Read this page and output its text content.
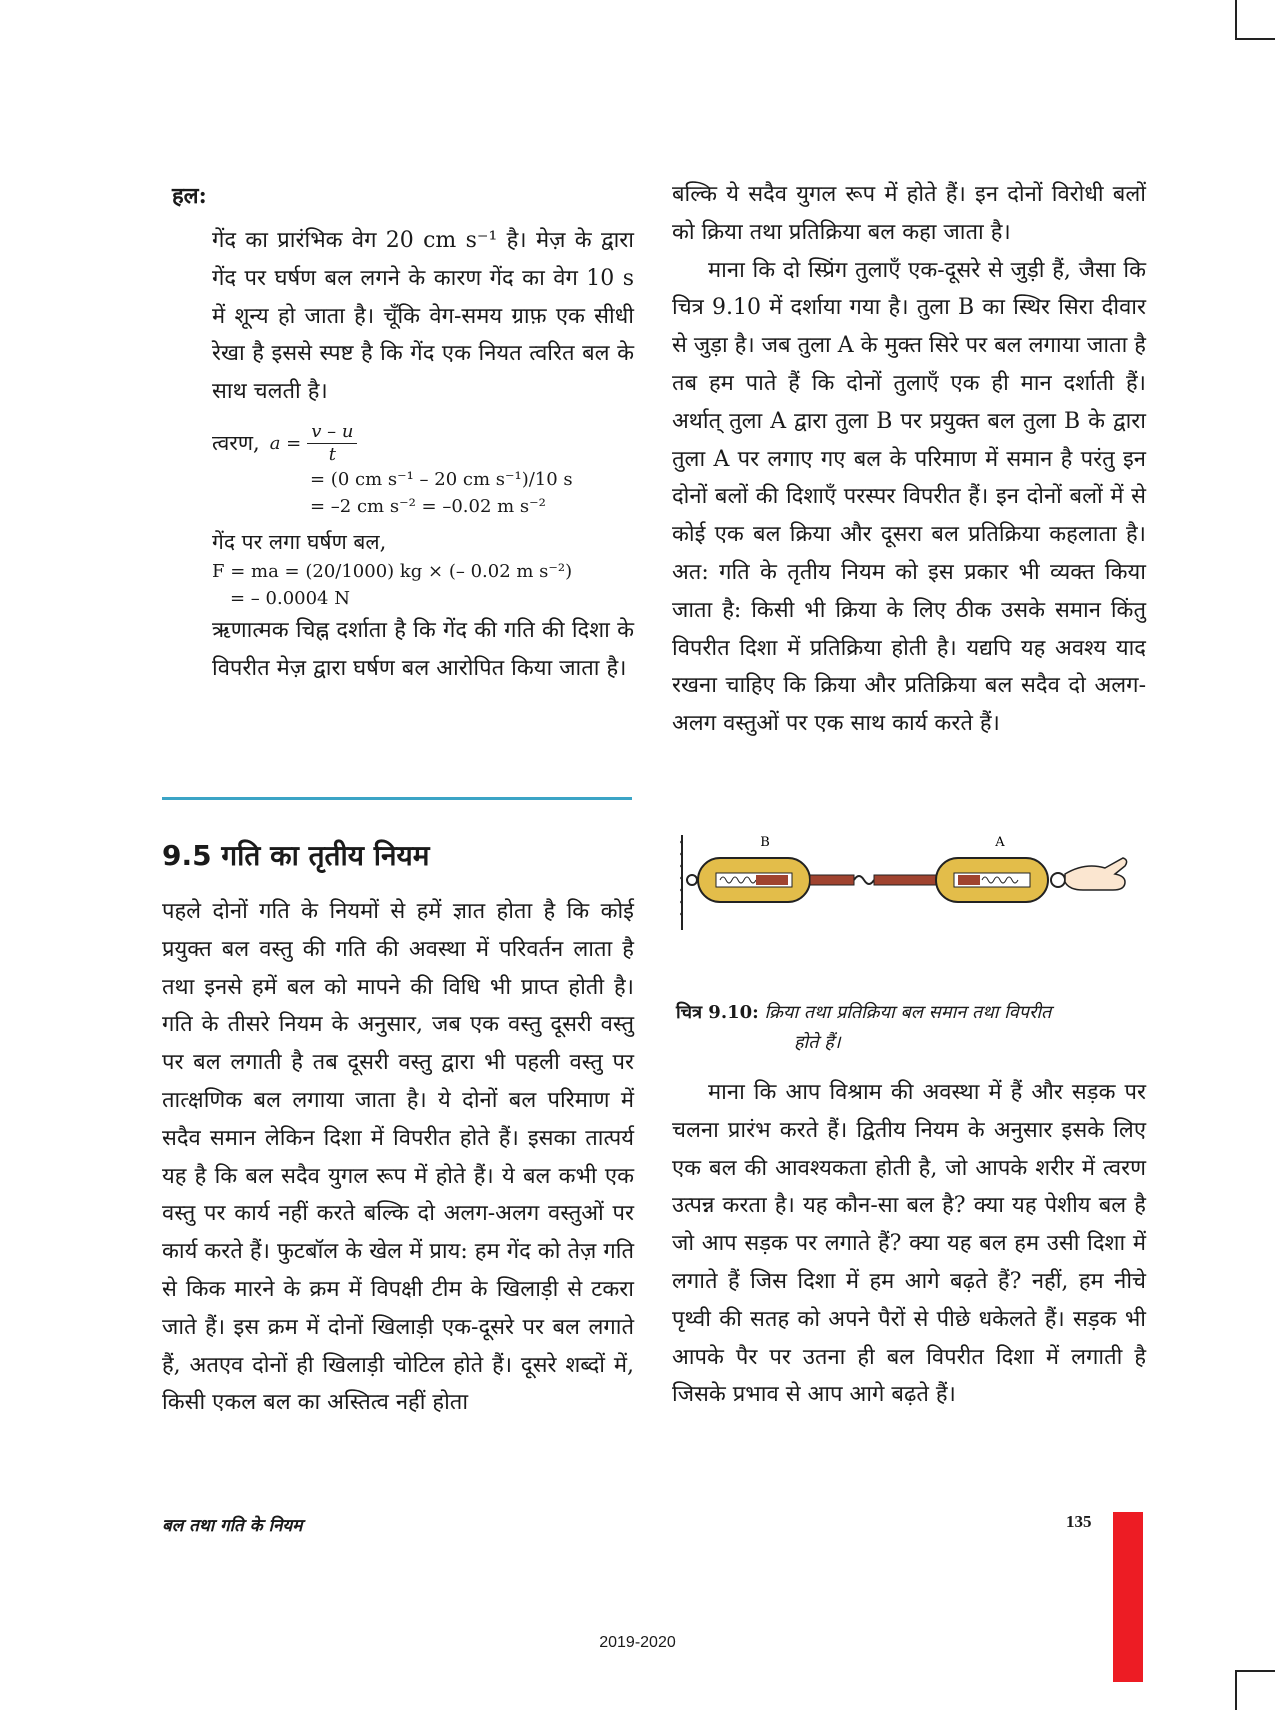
हल:

गेंद का प्रारंभिक वेग 20 cm s⁻¹ है। मेज़ के द्वारा गेंद पर घर्षण बल लगने के कारण गेंद का वेग 10 s में शून्य हो जाता है। चूँकि वेग-समय ग्राफ़ एक सीधी रेखा है इससे स्पष्ट है कि गेंद एक नियत त्वरित बल के साथ चलती है।

त्वरण, $a = \frac{v - u}{t}$
= (0 cm s⁻¹ – 20 cm s⁻¹)/10 s
= –2 cm s⁻² = –0.02 m s⁻²
गेंद पर लगा घर्षण बल,
F = ma = (20/1000) kg × (– 0.02 m s⁻²)
= – 0.0004 N

ऋणात्मक चिह्न दर्शाता है कि गेंद की गति की दिशा के विपरीत मेज़ द्वारा घर्षण बल आरोपित किया जाता है।

9.5 गति का तृतीय नियम

पहले दोनों गति के नियमों से हमें ज्ञात होता है कि कोई प्रयुक्त बल वस्तु की गति की अवस्था में परिवर्तन लाता है तथा इनसे हमें बल को मापने की विधि भी प्राप्त होती है। गति के तीसरे नियम के अनुसार, जब एक वस्तु दूसरी वस्तु पर बल लगाती है तब दूसरी वस्तु द्वारा भी पहली वस्तु पर तात्क्षणिक बल लगाया जाता है। ये दोनों बल परिमाण में सदैव समान लेकिन दिशा में विपरीत होते हैं। इसका तात्पर्य यह है कि बल सदैव युगल रूप में होते हैं। ये बल कभी एक वस्तु पर कार्य नहीं करते बल्कि दो अलग-अलग वस्तुओं पर कार्य करते हैं। फुटबॉल के खेल में प्राय: हम गेंद को तेज़ गति से किक मारने के क्रम में विपक्षी टीम के खिलाड़ी से टकरा जाते हैं। इस क्रम में दोनों खिलाड़ी एक-दूसरे पर बल लगाते हैं, अतएव दोनों ही खिलाड़ी चोटिल होते हैं। दूसरे शब्दों में, किसी एकल बल का अस्तित्व नहीं होता

बल्कि ये सदैव युगल रूप में होते हैं। इन दोनों विरोधी बलों को क्रिया तथा प्रतिक्रिया बल कहा जाता है।

माना कि दो स्प्रिंग तुलाएँ एक-दूसरे से जुड़ी हैं, जैसा कि चित्र 9.10 में दर्शाया गया है। तुला B का स्थिर सिरा दीवार से जुड़ा है। जब तुला A के मुक्त सिरे पर बल लगाया जाता है तब हम पाते हैं कि दोनों तुलाएँ एक ही मान दर्शाती हैं। अर्थात् तुला A द्वारा तुला B पर प्रयुक्त बल तुला B के द्वारा तुला A पर लगाए गए बल के परिमाण में समान है परंतु इन दोनों बलों की दिशाएँ परस्पर विपरीत हैं। इन दोनों बलों में से कोई एक बल क्रिया और दूसरा बल प्रतिक्रिया कहलाता है। अत: गति के तृतीय नियम को इस प्रकार भी व्यक्त किया जाता है: किसी भी क्रिया के लिए ठीक उसके समान किंतु विपरीत दिशा में प्रतिक्रिया होती है। यद्यपि यह अवश्य याद रखना चाहिए कि क्रिया और प्रतिक्रिया बल सदैव दो अलग-अलग वस्तुओं पर एक साथ कार्य करते हैं।

B	A
चित्र 9.10: क्रिया तथा प्रतिक्रिया बल समान तथा विपरीत
होते हैं।

माना कि आप विश्राम की अवस्था में हैं और सड़क पर चलना प्रारंभ करते हैं। द्वितीय नियम के अनुसार इसके लिए एक बल की आवश्यकता होती है, जो आपके शरीर में त्वरण उत्पन्न करता है। यह कौन-सा बल है? क्या यह पेशीय बल है जो आप सड़क पर लगाते हैं? क्या यह बल हम उसी दिशा में लगाते हैं जिस दिशा में हम आगे बढ़ते हैं? नहीं, हम नीचे पृथ्वी की सतह को अपने पैरों से पीछे धकेलते हैं। सड़क भी आपके पैर पर उतना ही बल विपरीत दिशा में लगाती है जिसके प्रभाव से आप आगे बढ़ते हैं।

बल तथा गति के नियम	135
2019-2020
